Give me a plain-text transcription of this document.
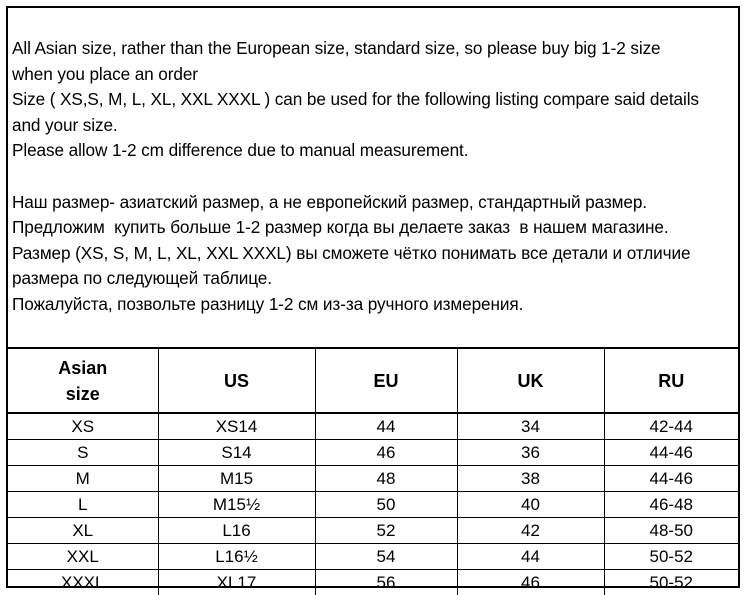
All Asian size, rather than the European size, standard size, so please buy big 1-2 size

when you place an order

Size ( XS,S, M, L, XL, XXL XXXL ) can be used for the following listing compare said details

and your size.

Please allow 1-2 cm difference due to manual measurement.

Наш размер- азиатский размер, а не европейский размер, стандартный размер.

Предложим  купить больше 1-2 размер когда вы делаете заказ  в нашем магазине.

Размер (XS, S, M, L, XL, XXL XXXL) вы сможете чётко понимать все детали и отличие

размера по следующей таблице.

Пожалуйста, позвольте разницу 1-2 см из-за ручного измерения.

Asian
size	US	EU	UK	RU
XS	XS14	44	34	42-44
S	S14	46	36	44-46
M	M15	48	38	44-46
L	M15½	50	40	46-48
XL	L16	52	42	48-50
XXL	L16½	54	44	50-52
XXXL	XL17	56	46	50-52
